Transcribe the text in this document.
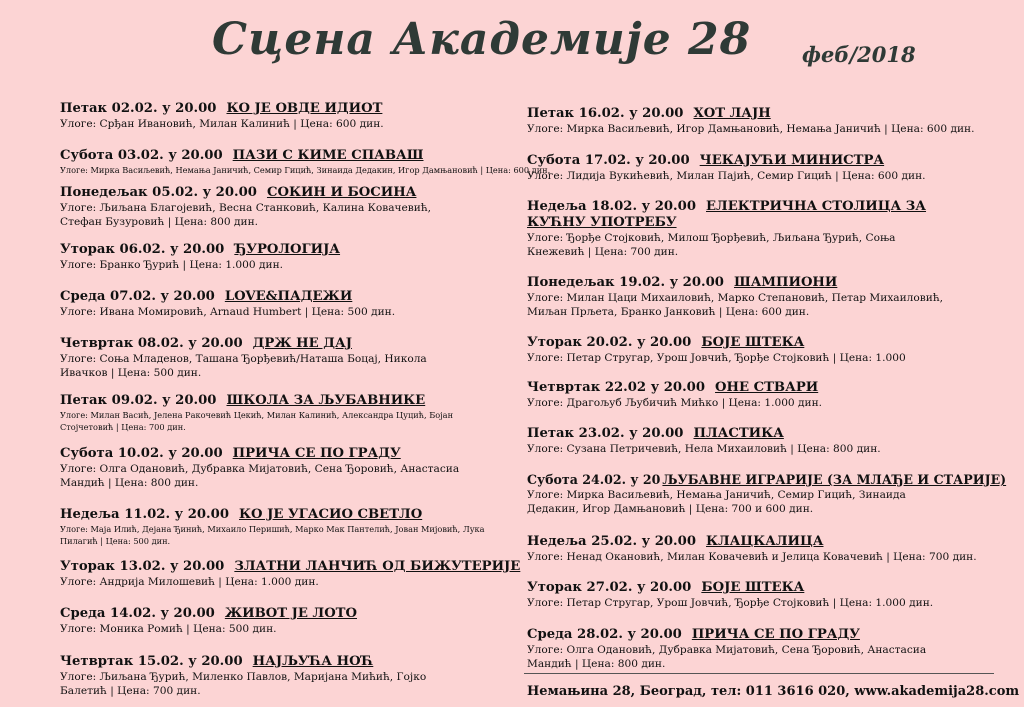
Сцена Академије 28 феб/2018
Петак 02.02. у 20.00 КО ЈЕ ОВДЕ ИДИОТ
Улоге: Срђан Ивановић, Милан Калинић | Цена: 600 дин.
Субота 03.02. у 20.00 ПАЗИ С КИМЕ СПАВАШ
Улоге: Мирка Васиљевић, Немања Јаничић, Семир Гицић, Зинаида Дедакин, Игор Дамњановић | Цена: 600 дин.
Понедељак 05.02. у 20.00 СОКИН И БОСИНА
Улоге: Љиљана Благојевић, Весна Станковић, Калина Ковачевић, Стефан Бузуровић | Цена: 800 дин.
Уторак 06.02. у 20.00 ЂУРОЛОГИЈА
Улоге: Бранко Ђурић | Цена: 1.000 дин.
Среда 07.02. у 20.00 LOVE&ПАДЕЖИ
Улоге: Ивана Момировић, Arnaud Humbert | Цена: 500 дин.
Четвртак 08.02. у 20.00 ДРЖ НЕ ДАЈ
Улоге: Соња Младенов, Ташана Ђорђевић/Наташа Боцај, Никола Ивачков | Цена: 500 дин.
Петак 09.02. у 20.00 ШКОЛА ЗА ЉУБАВНИКЕ
Улоге: Милан Васић, Јелена Ракочевић Цекић, Милан Калинић, Александра Цуцић, Бојан Стојчетовић | Цена: 700 дин.
Субота 10.02. у 20.00 ПРИЧА СЕ ПО ГРАДУ
Улоге: Олга Одановић, Дубравка Мијатовић, Сена Ђоровић, Анастасиа Мандић | Цена: 800 дин.
Недеља 11.02. у 20.00 КО ЈЕ УГАСИО СВЕТЛО
Улоге: Маја Илић, Дејана Ђинић, Михаило Перишић, Марко Мак Пантелић, Јован Мијовић, Лука Пилагић | Цена: 500 дин.
Уторак 13.02. у 20.00 ЗЛАТНИ ЛАНЧИЋ ОД БИЖУТЕРИЈЕ
Улоге: Андрија Милошевић | Цена: 1.000 дин.
Среда 14.02. у 20.00 ЖИВОТ ЈЕ ЛОТО
Улоге: Моника Ромић | Цена: 500 дин.
Четвртак 15.02. у 20.00 НАЈЉУЋА НОЋ
Улоге: Љиљана Ђурић, Миленко Павлов, Маријана Мићић, Гојко Балетић | Цена: 700 дин.
Петак 16.02. у 20.00 ХОТ ЛАЈН
Улоге: Мирка Васиљевић, Игор Дамњановић, Немања Јаничић | Цена: 600 дин.
Субота 17.02. у 20.00 ЧЕКАЈУЋИ МИНИСТРА
Улоге: Лидија Вукићевић, Милан Пајић, Семир Гицић | Цена: 600 дин.
Недеља 18.02. у 20.00 ЕЛЕКТРИЧНА СТОЛИЦА ЗА КУЋНУ УПОТРЕБУ
Улоге: Ђорђе Стојковић, Милош Ђорђевић, Љиљана Ђурић, Соња Кнежевић | Цена: 700 дин.
Понедељак 19.02. у 20.00 ШАМПИОНИ
Улоге: Милан Цаци Михаиловић, Марко Степановић, Петар Михаиловић, Миљан Прљета, Бранко Јанковић | Цена: 600 дин.
Уторак 20.02. у 20.00 БОЈЕ ШТЕКА
Улоге: Петар Стругар, Урош Јовчић, Ђорђе Стојковић | Цена: 1.000
Четвртак 22.02 у 20.00 ОНЕ СТВАРИ
Улоге: Драгољуб Љубичић Мићко | Цена: 1.000 дин.
Петак 23.02. у 20.00 ПЛАСТИКА
Улоге: Сузана Петричевић, Нела Михаиловић | Цена: 800 дин.
Субота 24.02. у 20 ЉУБАВНЕ ИГРАРИЈЕ (ЗА МЛАЂЕ И СТАРИЈЕ)
Улоге: Мирка Васиљевић, Немања Јаничић, Семир Гицић, Зинаида Дедакин, Игор Дамњановић | Цена: 700 и 600 дин.
Недеља 25.02. у 20.00 КЛАЦКАЛИЦА
Улоге: Ненад Окановић, Милан Ковачевић и Јелица Ковачевић | Цена: 700 дин.
Уторак 27.02. у 20.00 БОЈЕ ШТЕКА
Улоге: Петар Стругар, Урош Јовчић, Ђорђе Стојковић | Цена: 1.000 дин.
Среда 28.02. у 20.00 ПРИЧА СЕ ПО ГРАДУ
Улоге: Олга Одановић, Дубравка Мијатовић, Сена Ђоровић, Анастасиа Мандић | Цена: 800 дин.
Немањина 28, Београд, тел: 011 3616 020, www.akademija28.com
